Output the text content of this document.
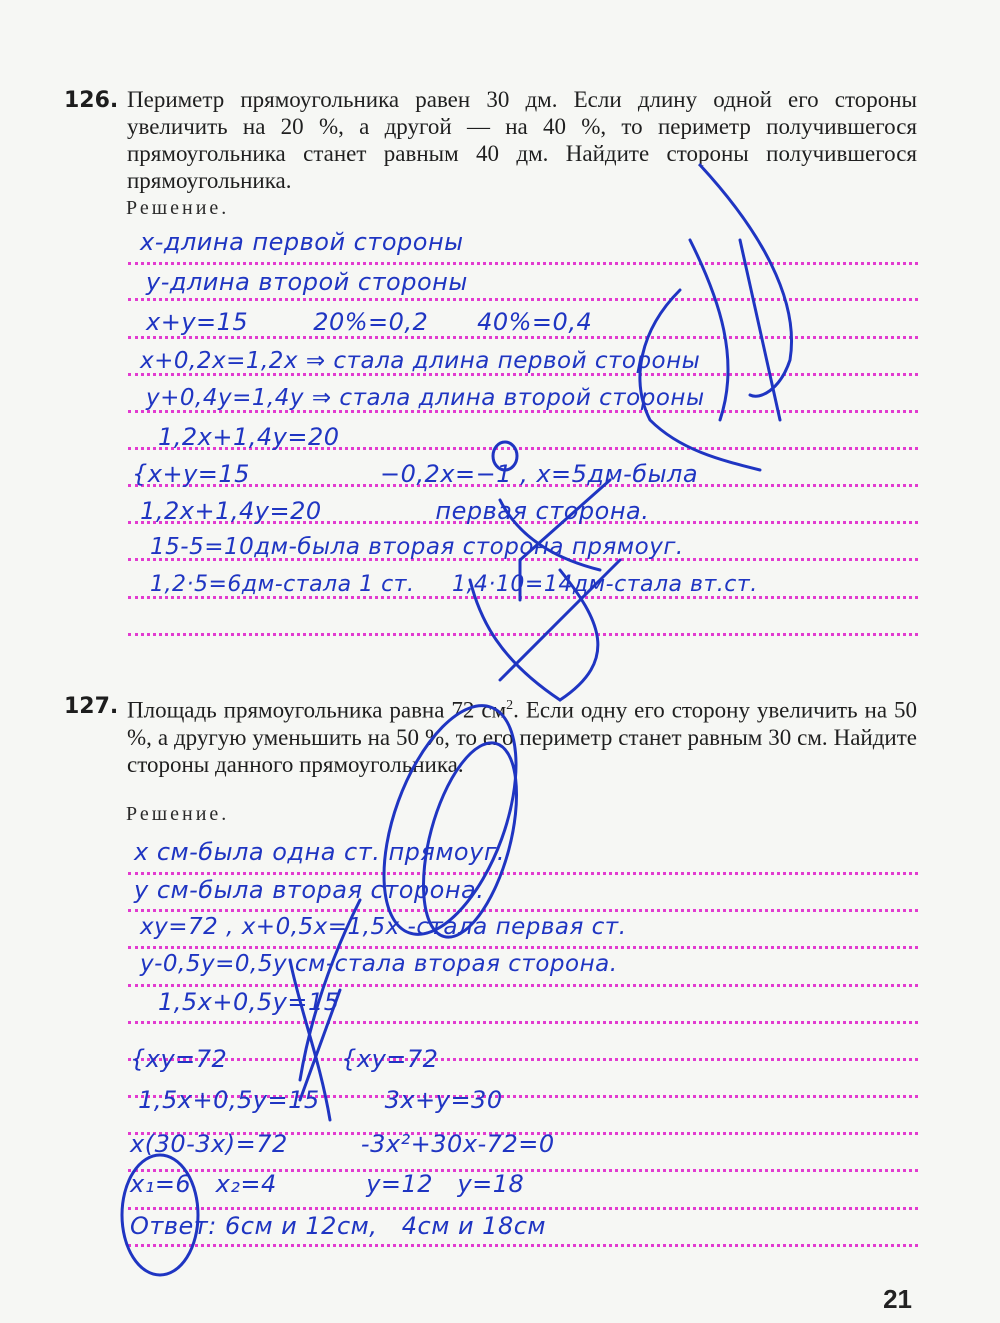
126. Периметр прямоугольника равен 30 дм. Если длину одной его стороны увеличить на 20 %, а другой — на 40 %, то периметр получившегося прямоугольника станет равным 40 дм. Найдите стороны получившегося прямоугольника.
Решение.
х-длина первой стороны
у-длина второй стороны
х+у=15        20%=0,2      40%=0,4
х+0,2х=1,2х ⇒ стала длина первой стороны
у+0,4у=1,4у ⇒ стала длина второй стороны
1,2х+1,4у=20
{х+у=15                −0,2х=−1 , х=5дм-была
1,2х+1,4у=20              первая сторона.
15-5=10дм-была вторая сторона прямоуг.
1,2·5=6дм-стала 1 ст.     1,4·10=14дм-стала вт.ст.
127. Площадь прямоугольника равна 72 $см^2$. Если одну его сторону увеличить на 50 %, а другую уменьшить на 50 %, то его периметр станет равным 30 см. Найдите стороны данного прямоугольника.
Решение.
х см-была одна ст. прямоуг.
у см-была вторая сторона.
ху=72 , х+0,5х=1,5х -стала первая ст.
у-0,5у=0,5у см-стала вторая сторона.
1,5х+0,5у=15
{ху=72              {ху=72
1,5х+0,5у=15        3х+у=30
х(30-3х)=72         -3х²+30х-72=0
х₁=6   х₂=4           у=12   у=18
Ответ: 6см и 12см,   4см и 18см
21
